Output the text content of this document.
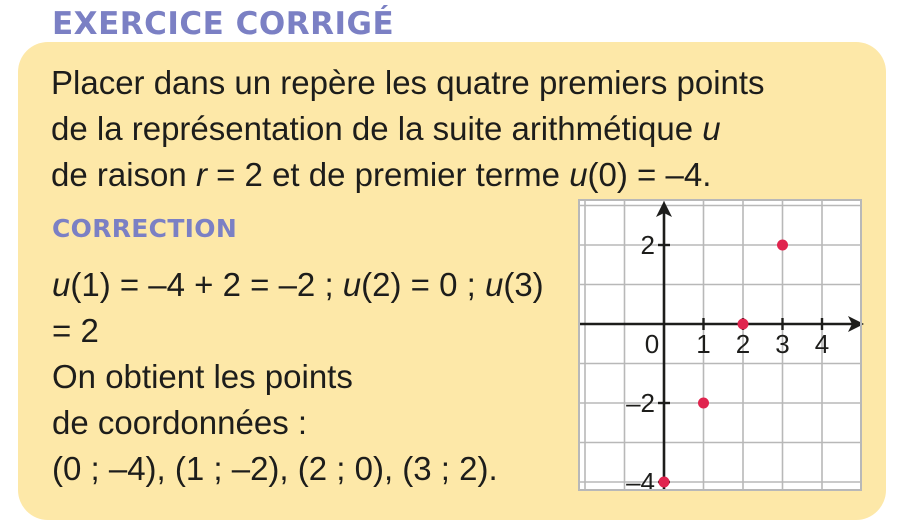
EXERCICE CORRIGÉ

Placer dans un repère les quatre premiers points

de la représentation de la suite arithmétique u

de raison r = 2 et de premier terme u(0) = –4.

CORRECTION

u(1) = –4 + 2 = –2 ; u(2) = 0 ; u(3) = 2

On obtient les points

de coordonnées :

(0 ; –4), (1 ; –2), (2 ; 0), (3 ; 2).

0 1 2 3 4
2
–2
–4
